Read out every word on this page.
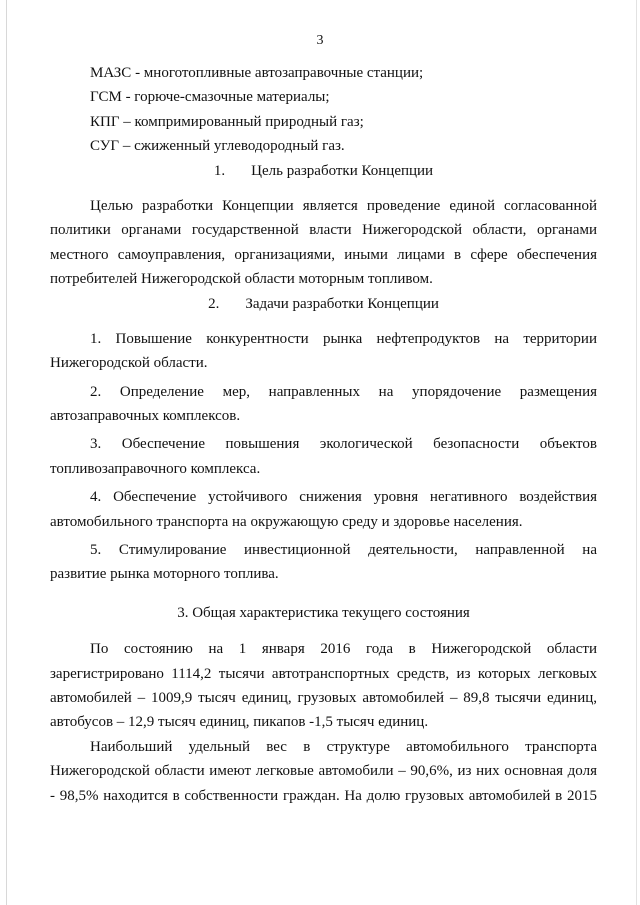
3
МАЗС - многотопливные автозаправочные станции;
ГСМ - горюче-смазочные материалы;
КПГ – компримированный природный газ;
СУГ – сжиженный углеводородный газ.
1. Цель разработки Концепции
Целью разработки Концепции является проведение единой согласованной
политики органами государственной власти Нижегородской области, органами
местного самоуправления, организациями, иными лицами в сфере обеспечения
потребителей Нижегородской области моторным топливом.
2. Задачи разработки Концепции
1. Повышение конкурентности рынка нефтепродуктов на территории
Нижегородской области.
2. Определение мер, направленных на упорядочение размещения
автозаправочных комплексов.
3. Обеспечение повышения экологической безопасности объектов
топливозаправочного комплекса.
4. Обеспечение устойчивого снижения уровня негативного воздействия
автомобильного транспорта на окружающую среду и здоровье населения.
5. Стимулирование инвестиционной деятельности, направленной на
развитие рынка моторного топлива.
3. Общая характеристика текущего состояния
По состоянию на 1 января 2016 года в Нижегородской области
зарегистрировано 1114,2 тысячи автотранспортных средств, из которых легковых
автомобилей – 1009,9 тысяч единиц, грузовых автомобилей – 89,8 тысячи единиц,
автобусов – 12,9 тысяч единиц, пикапов -1,5 тысяч единиц.
Наибольший удельный вес в структуре автомобильного транспорта
Нижегородской области имеют легковые автомобили – 90,6%, из них основная доля
- 98,5% находится в собственности граждан. На долю грузовых автомобилей в 2015
